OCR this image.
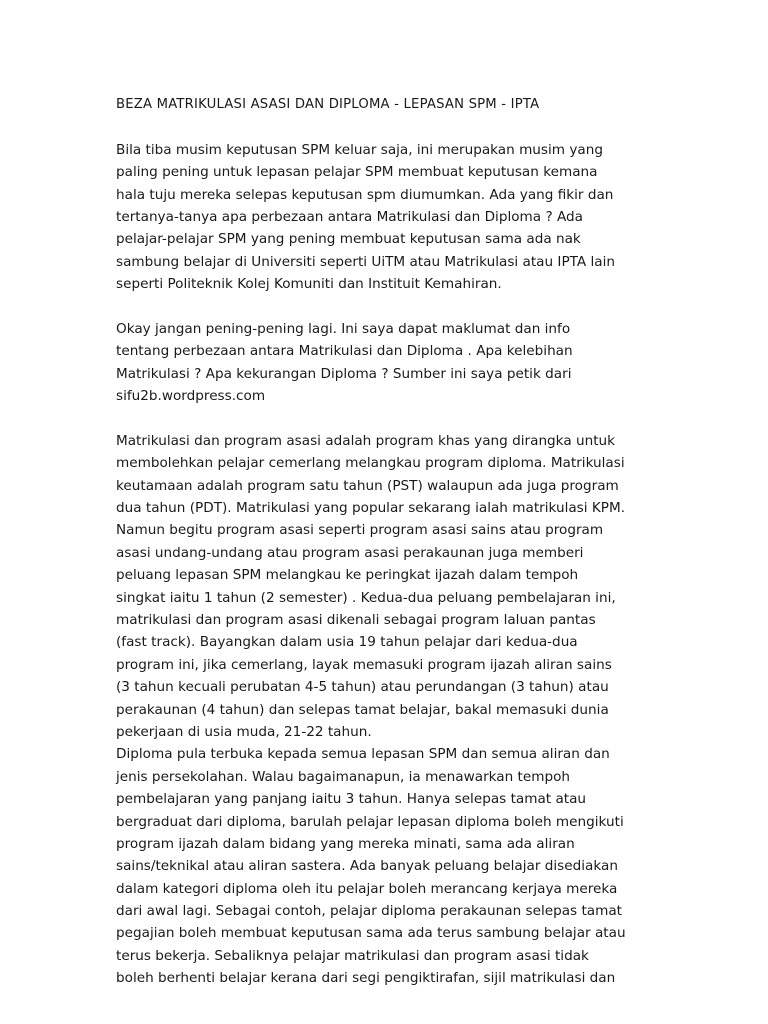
BEZA MATRIKULASI ASASI DAN DIPLOMA - LEPASAN SPM - IPTA
Bila tiba musim keputusan SPM keluar saja, ini merupakan musim yang
paling pening untuk lepasan pelajar SPM membuat keputusan kemana
hala tuju mereka selepas keputusan spm diumumkan. Ada yang fikir dan
tertanya-tanya apa perbezaan antara Matrikulasi dan Diploma ? Ada
pelajar-pelajar SPM yang pening membuat keputusan sama ada nak
sambung belajar di Universiti seperti UiTM atau Matrikulasi atau IPTA lain
seperti Politeknik Kolej Komuniti dan Instituit Kemahiran.
Okay jangan pening-pening lagi. Ini saya dapat maklumat dan info
tentang perbezaan antara Matrikulasi dan Diploma . Apa kelebihan
Matrikulasi ? Apa kekurangan Diploma ? Sumber ini saya petik dari
sifu2b.wordpress.com
Matrikulasi dan program asasi adalah program khas yang dirangka untuk
membolehkan pelajar cemerlang melangkau program diploma. Matrikulasi
keutamaan adalah program satu tahun (PST) walaupun ada juga program
dua tahun (PDT). Matrikulasi yang popular sekarang ialah matrikulasi KPM.
Namun begitu program asasi seperti program asasi sains atau program
asasi undang-undang atau program asasi perakaunan juga memberi
peluang lepasan SPM melangkau ke peringkat ijazah dalam tempoh
singkat iaitu 1 tahun (2 semester) . Kedua-dua peluang pembelajaran ini,
matrikulasi dan program asasi dikenali sebagai program laluan pantas
(fast track). Bayangkan dalam usia 19 tahun pelajar dari kedua-dua
program ini, jika cemerlang, layak memasuki program ijazah aliran sains
(3 tahun kecuali perubatan 4-5 tahun) atau perundangan (3 tahun) atau
perakaunan (4 tahun) dan selepas tamat belajar, bakal memasuki dunia
pekerjaan di usia muda, 21-22 tahun.
Diploma pula terbuka kepada semua lepasan SPM dan semua aliran dan
jenis persekolahan. Walau bagaimanapun, ia menawarkan tempoh
pembelajaran yang panjang iaitu 3 tahun. Hanya selepas tamat atau
bergraduat dari diploma, barulah pelajar lepasan diploma boleh mengikuti
program ijazah dalam bidang yang mereka minati, sama ada aliran
sains/teknikal atau aliran sastera. Ada banyak peluang belajar disediakan
dalam kategori diploma oleh itu pelajar boleh merancang kerjaya mereka
dari awal lagi. Sebagai contoh, pelajar diploma perakaunan selepas tamat
pegajian boleh membuat keputusan sama ada terus sambung belajar atau
terus bekerja. Sebaliknya pelajar matrikulasi dan program asasi tidak
boleh berhenti belajar kerana dari segi pengiktirafan, sijil matrikulasi dan
